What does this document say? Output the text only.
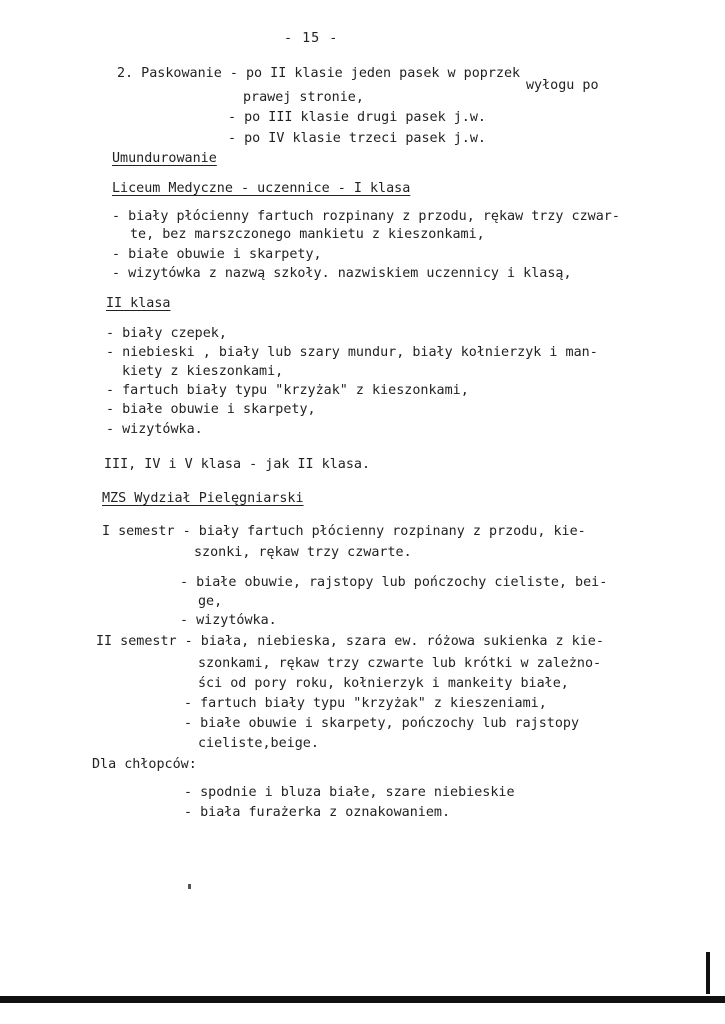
- 15 -
2. Paskowanie - po II klasie jeden pasek w poprzek
wyłogu po
prawej stronie,
- po III klasie drugi pasek j.w.
- po IV klasie trzeci pasek j.w.
Umundurowanie
Liceum Medyczne - uczennice - I klasa
- biały płócienny fartuch rozpinany z przodu, rękaw trzy czwar-
te, bez marszczonego mankietu z kieszonkami,
- białe obuwie i skarpety,
- wizytówka z nazwą szkoły. nazwiskiem uczennicy i klasą,
II klasa
- biały czepek,
- niebieski , biały lub szary mundur, biały kołnierzyk i man-
kiety z kieszonkami,
- fartuch biały typu "krzyżak" z kieszonkami,
- białe obuwie i skarpety,
- wizytówka.
III, IV i V klasa - jak II klasa.
MZS Wydział Pielęgniarski
I semestr - biały fartuch płócienny rozpinany z przodu, kie-
szonki, rękaw trzy czwarte.
- białe obuwie, rajstopy lub pończochy cieliste, bei-
ge,
- wizytówka.
II semestr - biała, niebieska, szara ew. różowa sukienka z kie-
szonkami, rękaw trzy czwarte lub krótki w zależno-
ści od pory roku, kołnierzyk i mankeity białe,
- fartuch biały typu "krzyżak" z kieszeniami,
- białe obuwie i skarpety, pończochy lub rajstopy
cieliste,beige.
Dla chłopców:
- spodnie i bluza białe, szare niebieskie
- biała furażerka z oznakowaniem.
